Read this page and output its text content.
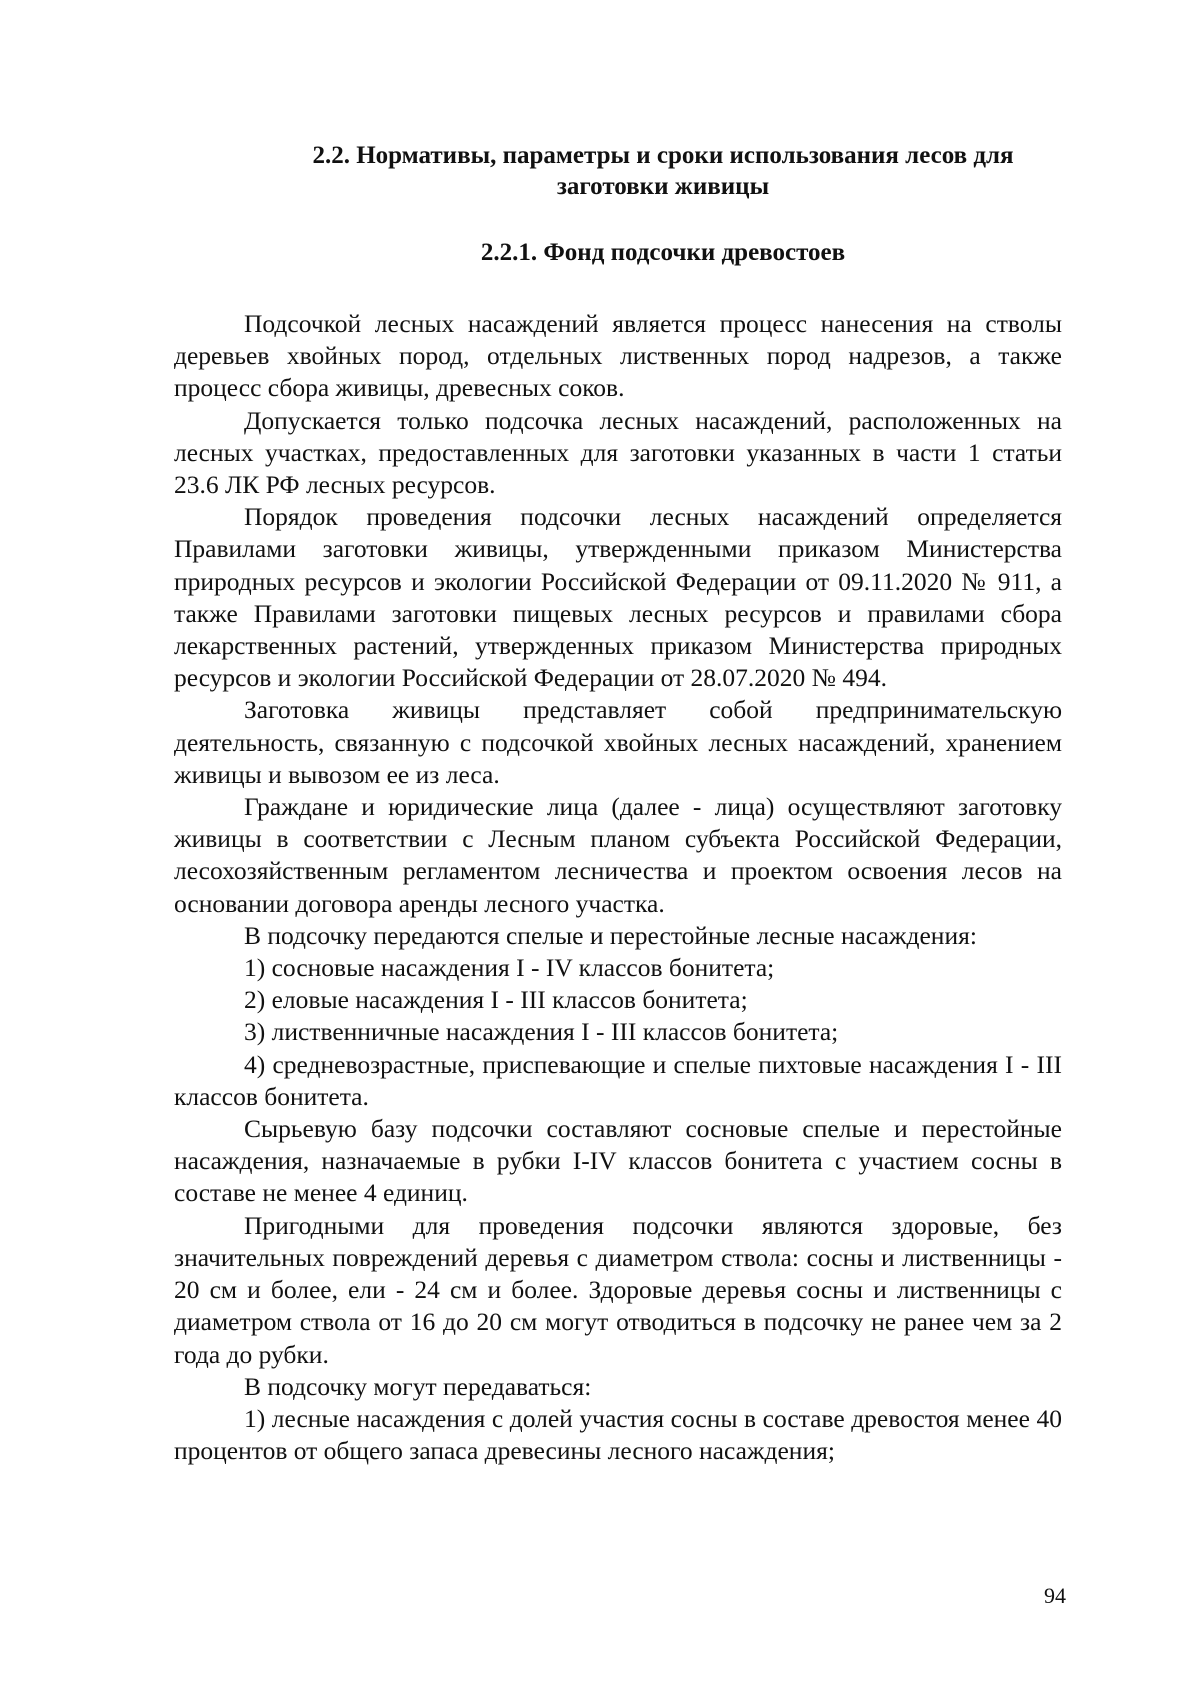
2.2. Нормативы, параметры и сроки использования лесов для
заготовки живицы
2.2.1. Фонд подсочки древостоев

Подсочкой лесных насаждений является процесс нанесения на стволы деревьев хвойных пород, отдельных лиственных пород надрезов, а также процесс сбора живицы, древесных соков.

Допускается только подсочка лесных насаждений, расположенных на лесных участках, предоставленных для заготовки указанных в части 1 статьи 23.6 ЛК РФ лесных ресурсов.

Порядок проведения подсочки лесных насаждений определяется Правилами заготовки живицы, утвержденными приказом Министерства природных ресурсов и экологии Российской Федерации от 09.11.2020 № 911, а также Правилами заготовки пищевых лесных ресурсов и правилами сбора лекарственных растений, утвержденных приказом Министерства природных ресурсов и экологии Российской Федерации от 28.07.2020 № 494.

Заготовка живицы представляет собой предпринимательскую деятельность, связанную с подсочкой хвойных лесных насаждений, хранением живицы и вывозом ее из леса.

Граждане и юридические лица (далее - лица) осуществляют заготовку живицы в соответствии с Лесным планом субъекта Российской Федерации, лесохозяйственным регламентом лесничества и проектом освоения лесов на основании договора аренды лесного участка.

В подсочку передаются спелые и перестойные лесные насаждения:

1) сосновые насаждения I - IV классов бонитета;

2) еловые насаждения I - III классов бонитета;

3) лиственничные насаждения I - III классов бонитета;

4) средневозрастные, приспевающие и спелые пихтовые насаждения I - III классов бонитета.

Сырьевую базу подсочки составляют сосновые спелые и перестойные насаждения, назначаемые в рубки I-IV классов бонитета с участием сосны в составе не менее 4 единиц.

Пригодными для проведения подсочки являются здоровые, без значительных повреждений деревья с диаметром ствола: сосны и лиственницы - 20 см и более, ели - 24 см и более. Здоровые деревья сосны и лиственницы с диаметром ствола от 16 до 20 см могут отводиться в подсочку не ранее чем за 2 года до рубки.

В подсочку могут передаваться:

1) лесные насаждения с долей участия сосны в составе древостоя менее 40 процентов от общего запаса древесины лесного насаждения;

94
